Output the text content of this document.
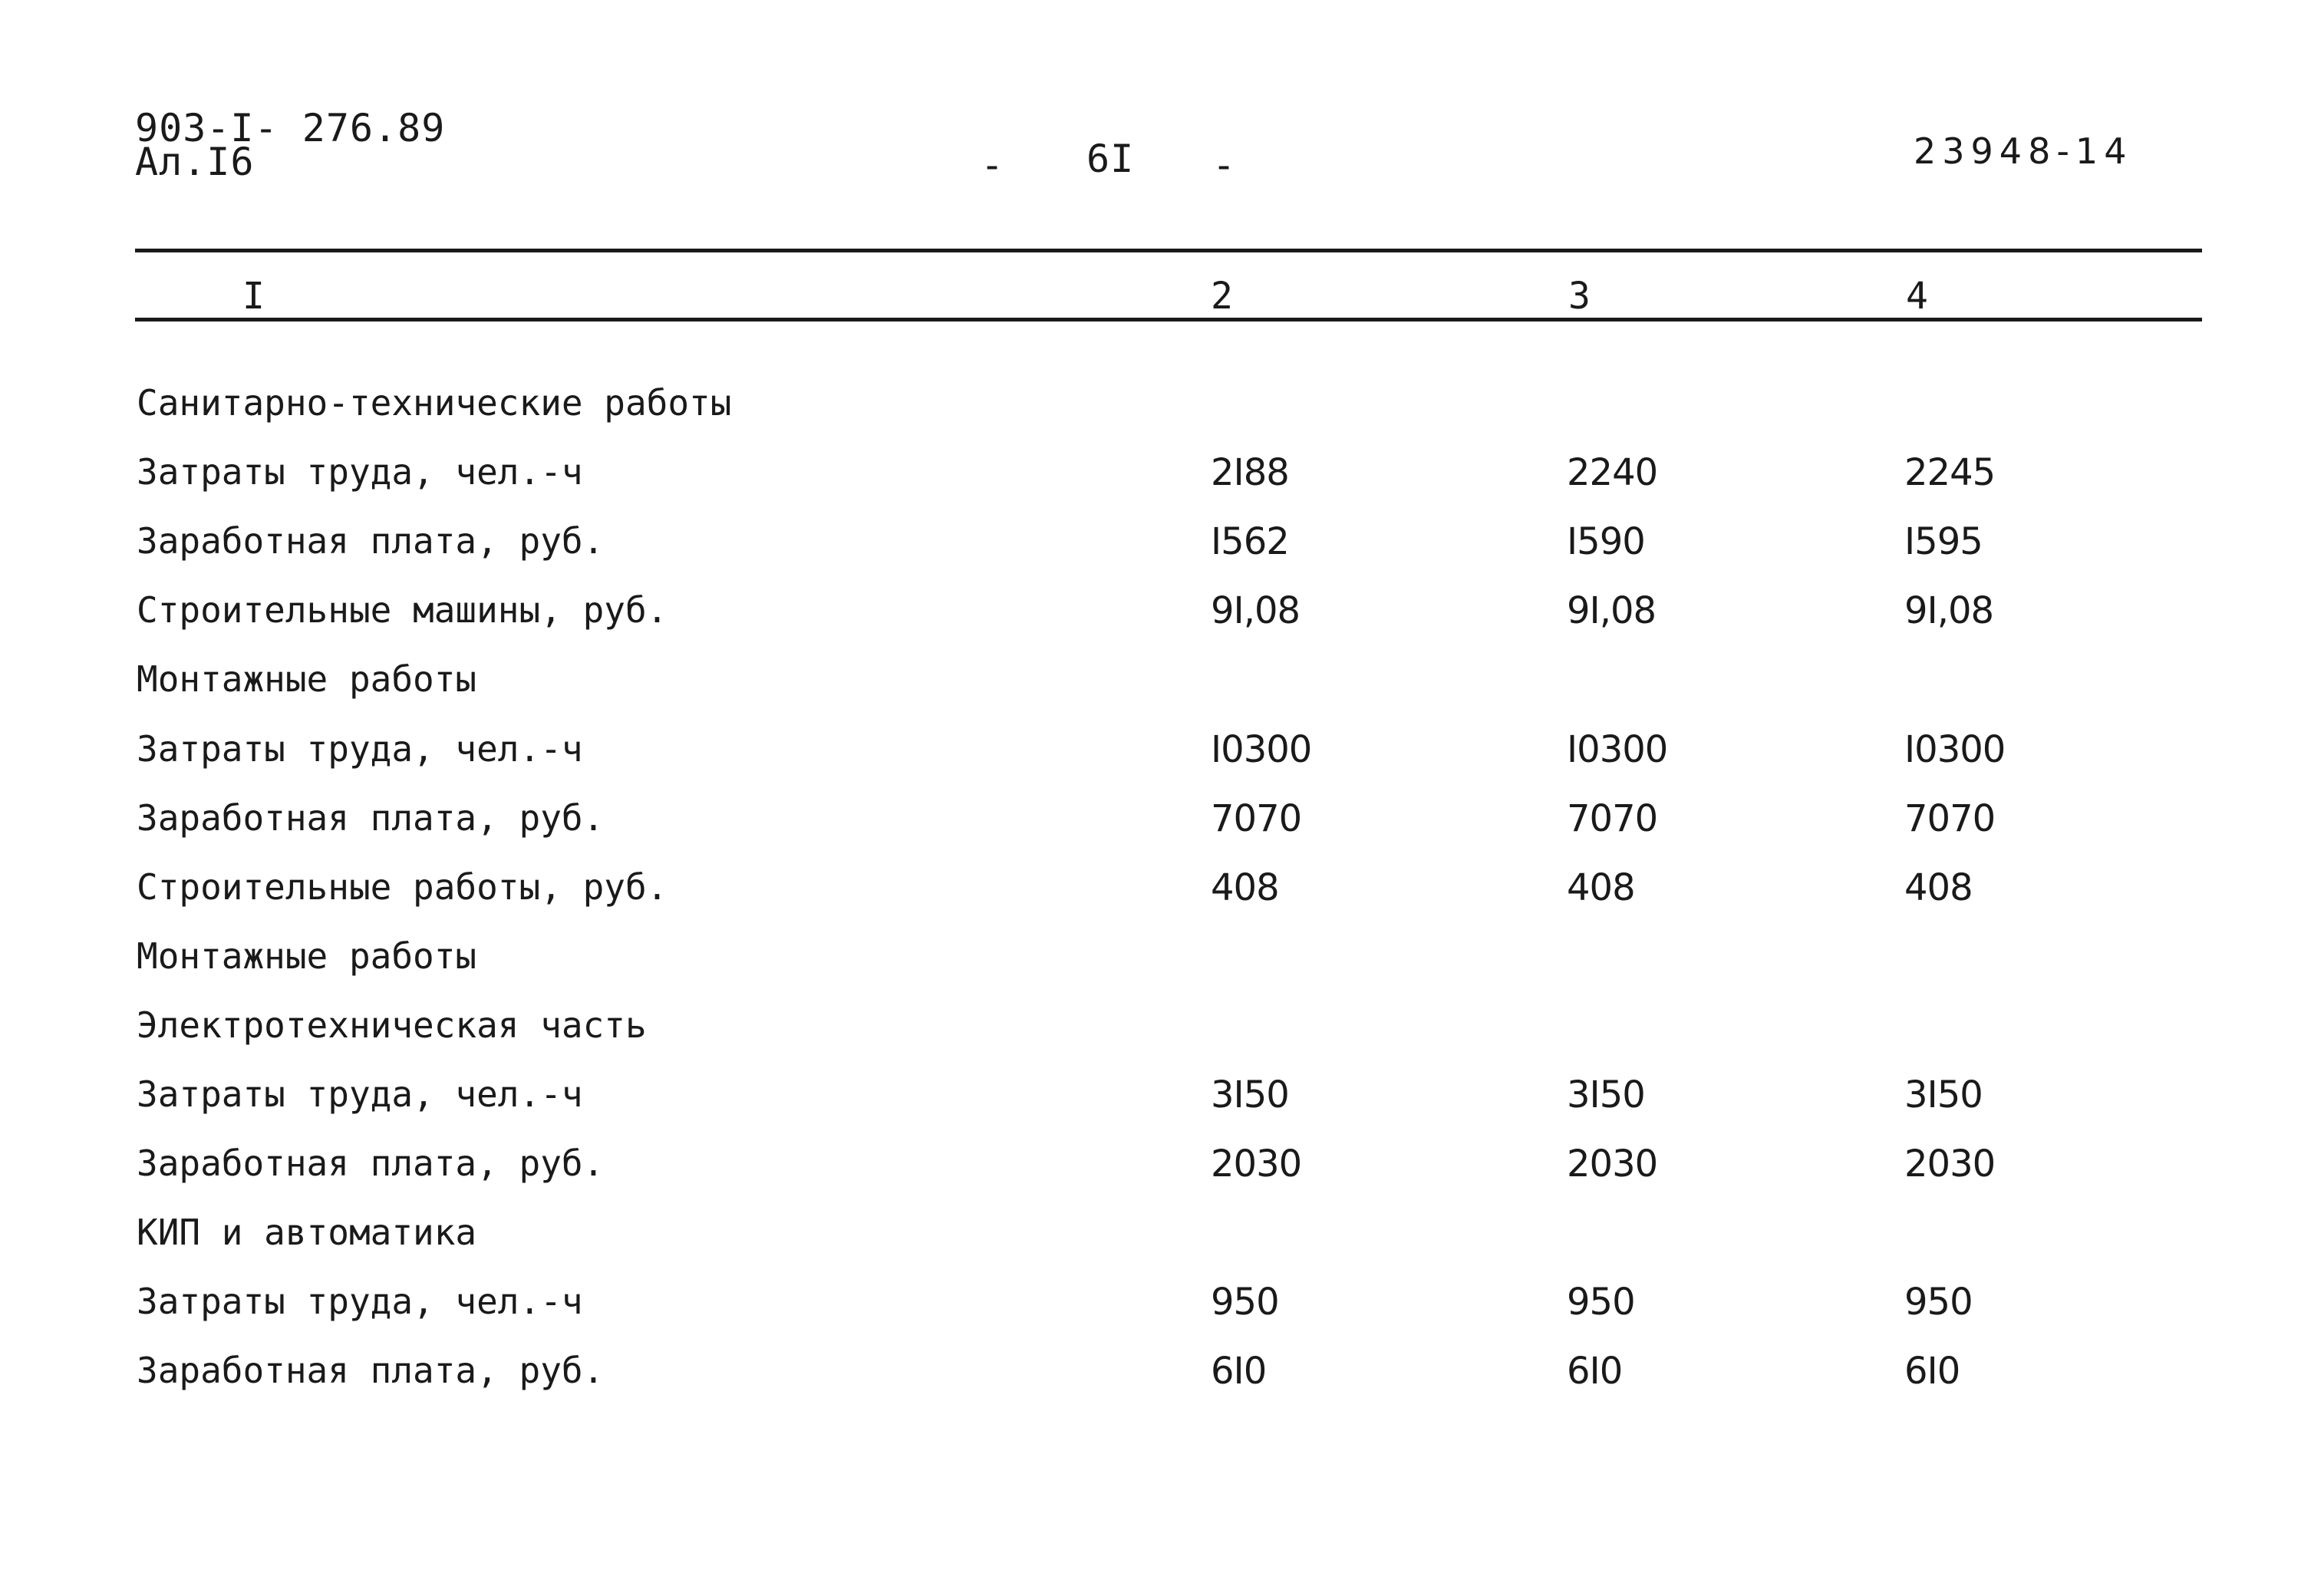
903-I- 276.89
Ал.I6	- 6I -	23948-14
I	2	3	4
Санитарно-технические работы
Затраты труда, чел.-ч	2I88	2240	2245
Заработная плата, руб.	I562	I590	I595
Строительные машины, руб.	9I,08	9I,08	9I,08
Монтажные работы
Затраты труда, чел.-ч	I0300	I0300	I0300
Заработная плата, руб.	7070	7070	7070
Строительные работы, руб.	408	408	408
Монтажные работы
Электротехническая часть
Затраты труда, чел.-ч	3I50	3I50	3I50
Заработная плата, руб.	2030	2030	2030
КИП и автоматика
Затраты труда, чел.-ч	950	950	950
Заработная плата, руб.	6I0	6I0	6I0
